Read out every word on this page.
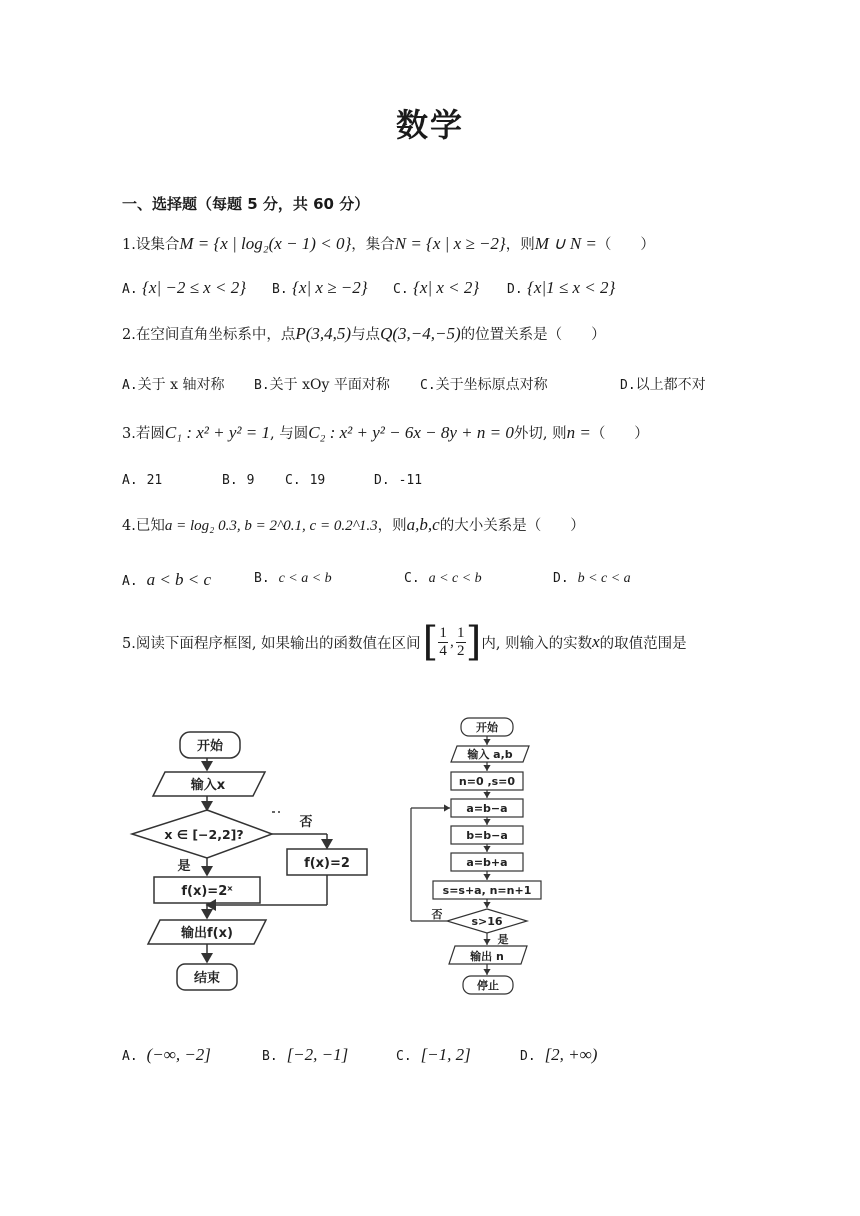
数学
一、选择题（每题 5 分，共 60 分）
1.设集合M = {x | log₂(x − 1) < 0}，集合N = {x | x ≥ −2}，则M ∪ N =（　　）
A. {x| −2 ≤ x < 2} B. {x| x ≥ −2} C. {x| x < 2} D. {x|1 ≤ x < 2}
2.在空间直角坐标系中，点P(3,4,5)与点Q(3,−4,−5)的位置关系是（　　）
A.关于 x 轴对称 B.关于 xOy 平面对称 C.关于坐标原点对称	D.以上都不对
3.若圆C₁ : x² + y² = 1, 与圆C₂ : x² + y² − 6x − 8y + n = 0外切, 则n =（　　）
A. 21	B. 9 C. 19	D. -11
4.已知a = log₂ 0.3, b = 2^0.1, c = 0.2^1.3，则a,b,c的大小关系是（　　）
A. a < b < c	B. c < a < b	C. a < c < b	D. b < c < a
5.阅读下面程序框图, 如果输出的函数值在区间 [ 1
4
,
1
2 ] 内, 则输入的实数 x 的取值范围是
开始
输入x
x ∈ [−2,2]?
否
是	f(x)=2
f(x)=2ˣ
输出f(x)
结束
开始
输入 a,b
n=0 ,s=0
a=b−a
b=b−a
a=b+a
s=s+a, n=n+1
s>16
否
是
输出 n
停止
A. (−∞, −2]	B. [−2, −1]	C. [−1, 2]	D. [2, +∞)
